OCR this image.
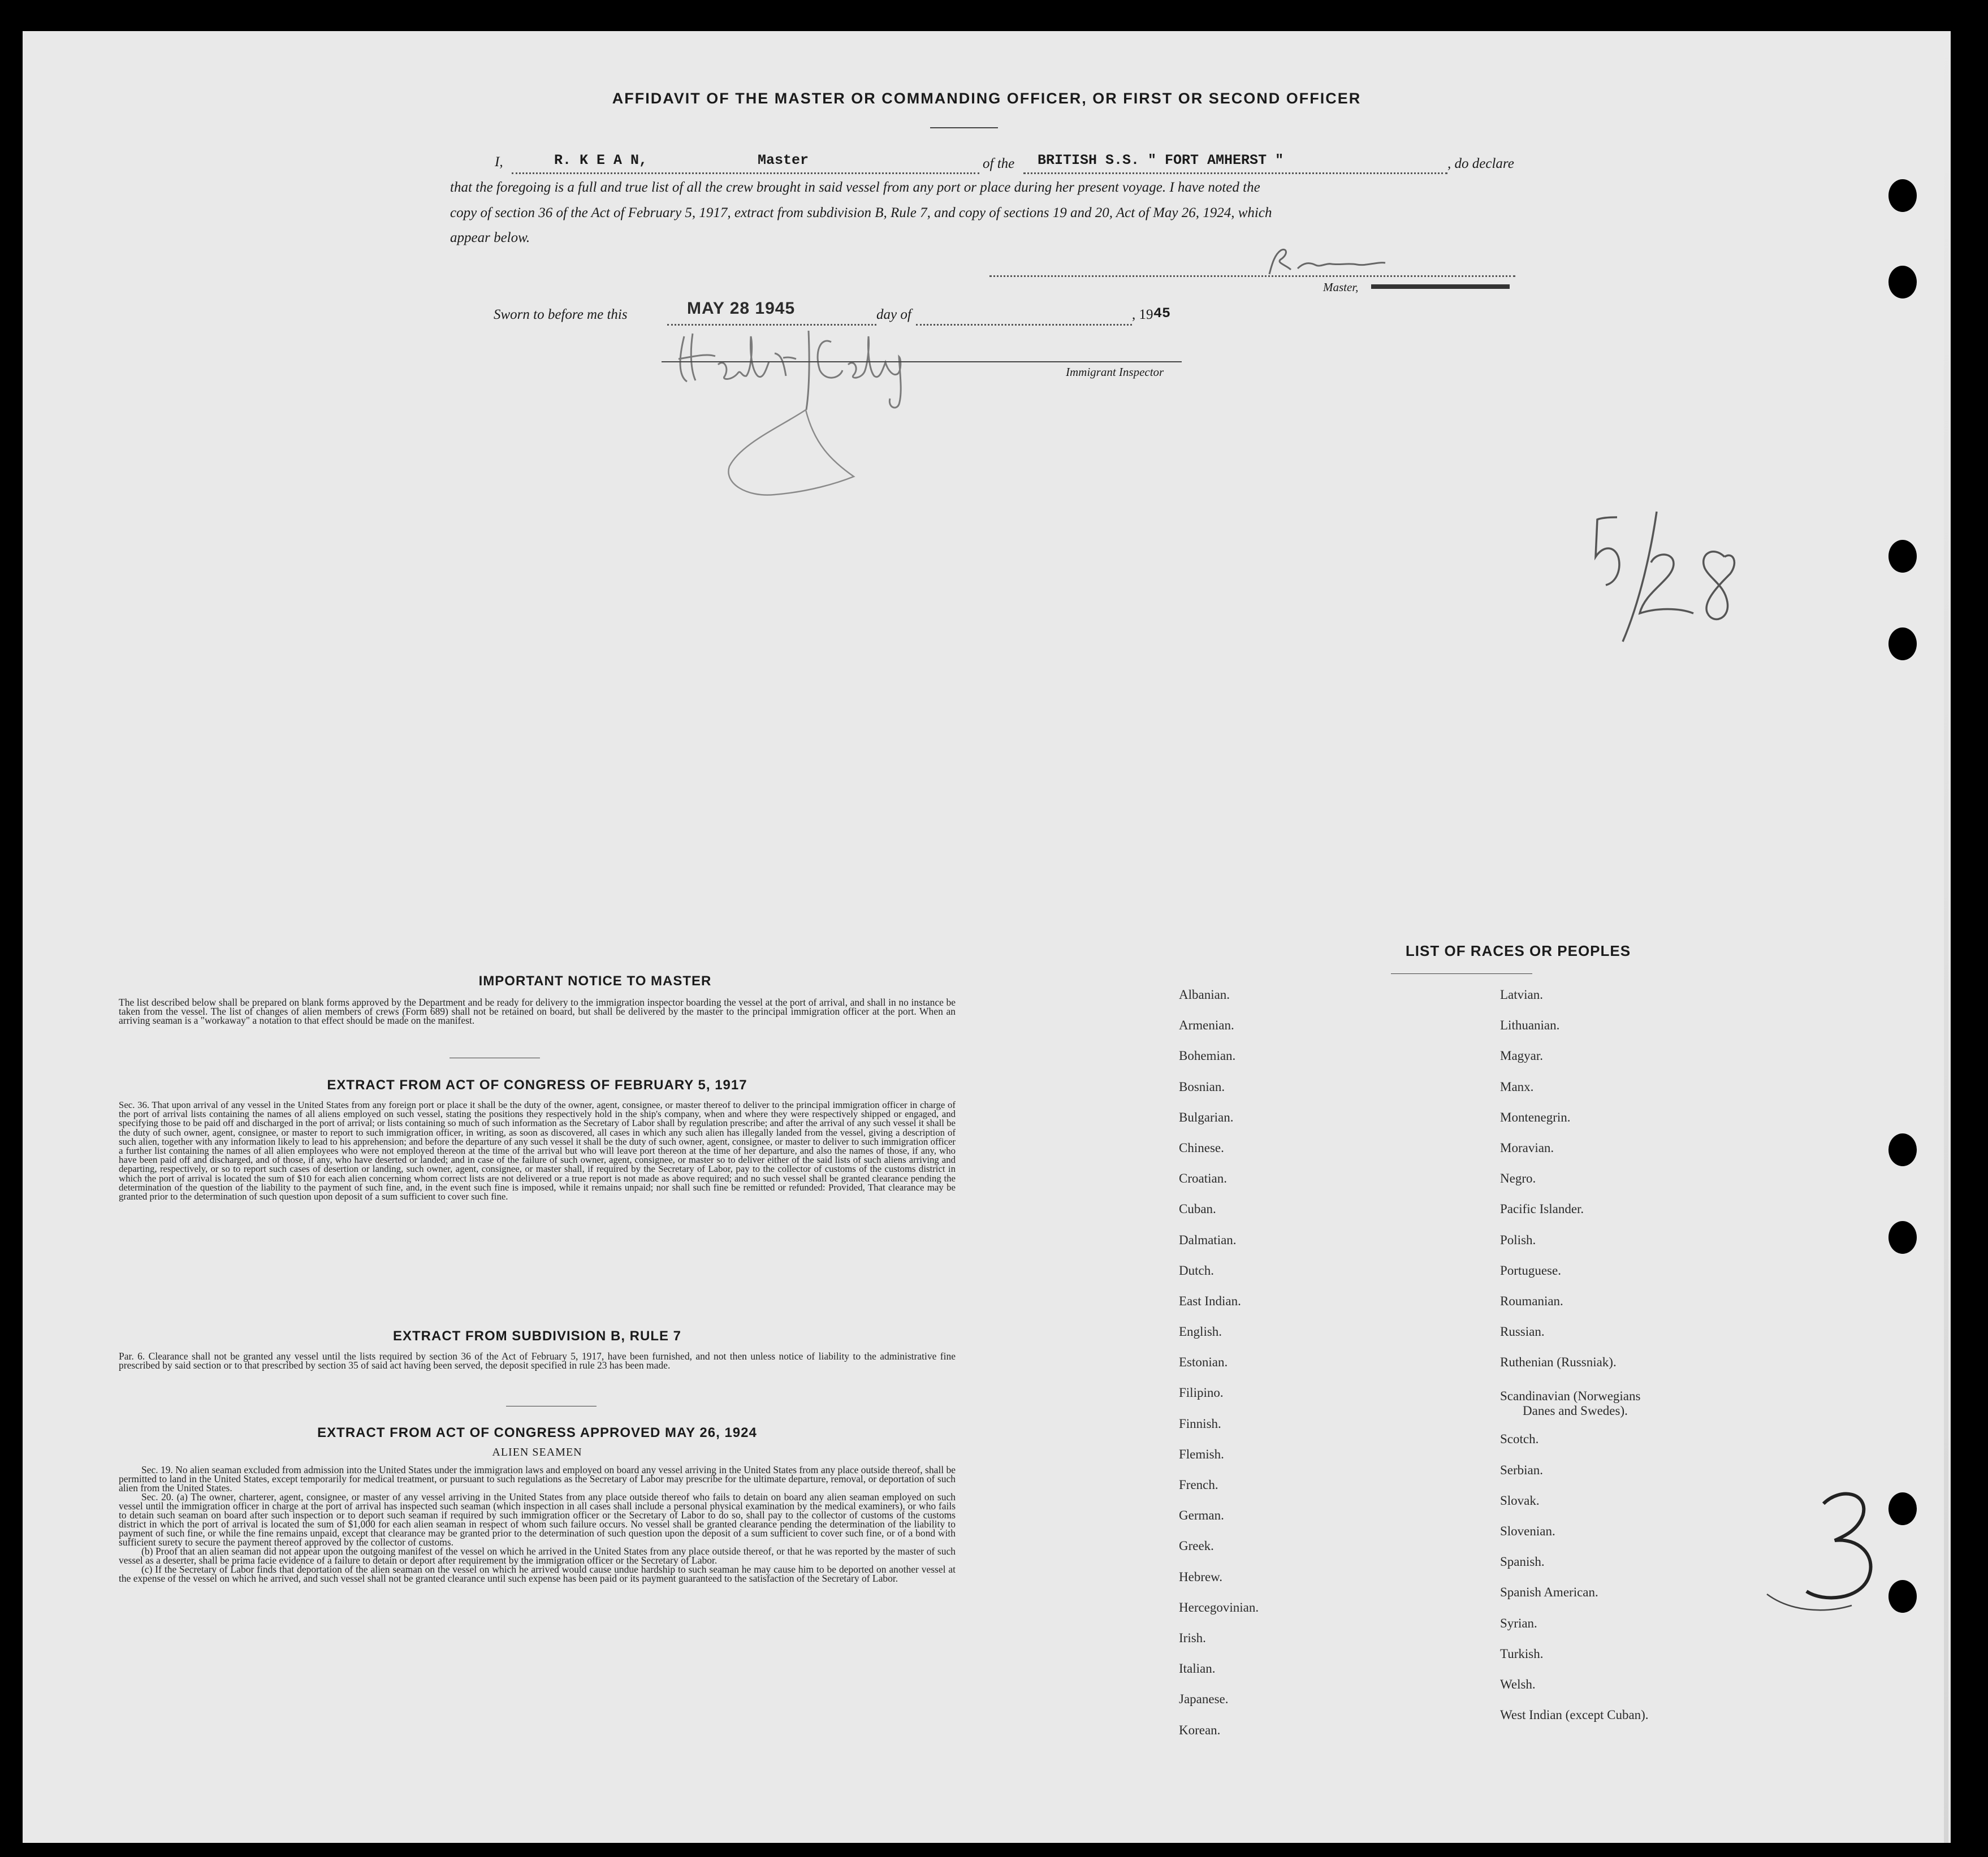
AFFIDAVIT OF THE MASTER OR COMMANDING OFFICER, OR FIRST OR SECOND OFFICER
I,	R. K E A N,	Master	of the BRITISH S.S. " FORT AMHERST "	, do declare
that the foregoing is a full and true list of all the crew brought in said vessel from any port or place during her present voyage. I have noted the
copy of section 36 of the Act of February 5, 1917, extract from subdivision B, Rule 7, and copy of sections 19 and 20, Act of May 26, 1924, which
appear below.
Master,
Sworn to before me this	MAY 28 1945	day of	, 19 45
Immigrant Inspector
IMPORTANT NOTICE TO MASTER
The list described below shall be prepared on blank forms approved by the Department and be ready for delivery to the immigration inspector boarding the vessel at the port of arrival, and shall in no instance be taken from the vessel. The list of changes of alien members of crews (Form 689) shall not be retained on board, but shall be delivered by the master to the principal immigration officer at the port. When an arriving seaman is a "workaway" a notation to that effect should be made on the manifest.
EXTRACT FROM ACT OF CONGRESS OF FEBRUARY 5, 1917
Sec. 36. That upon arrival of any vessel in the United States from any foreign port or place it shall be the duty of the owner, agent, consignee, or master thereof to deliver to the principal immigration officer in charge of the port of arrival lists containing the names of all aliens employed on such vessel, stating the positions they respectively hold in the ship's company, when and where they were respectively shipped or engaged, and specifying those to be paid off and discharged in the port of arrival; or lists containing so much of such information as the Secretary of Labor shall by regulation prescribe; and after the arrival of any such vessel it shall be the duty of such owner, agent, consignee, or master to report to such immigration officer, in writing, as soon as discovered, all cases in which any such alien has illegally landed from the vessel, giving a description of such alien, together with any information likely to lead to his apprehension; and before the departure of any such vessel it shall be the duty of such owner, agent, consignee, or master to deliver to such immigration officer a further list containing the names of all alien employees who were not employed thereon at the time of the arrival but who will leave port thereon at the time of her departure, and also the names of those, if any, who have been paid off and discharged, and of those, if any, who have deserted or landed; and in case of the failure of such owner, agent, consignee, or master so to deliver either of the said lists of such aliens arriving and departing, respectively, or so to report such cases of desertion or landing, such owner, agent, consignee, or master shall, if required by the Secretary of Labor, pay to the collector of customs of the customs district in which the port of arrival is located the sum of $10 for each alien concerning whom correct lists are not delivered or a true report is not made as above required; and no such vessel shall be granted clearance pending the determination of the question of the liability to the payment of such fine, and, in the event such fine is imposed, while it remains unpaid; nor shall such fine be remitted or refunded: Provided, That clearance may be granted prior to the determination of such question upon deposit of a sum sufficient to cover such fine.
EXTRACT FROM SUBDIVISION B, RULE 7
Par. 6. Clearance shall not be granted any vessel until the lists required by section 36 of the Act of February 5, 1917, have been furnished, and not then unless notice of liability to the administrative fine prescribed by said section or to that prescribed by section 35 of said act having been served, the deposit specified in rule 23 has been made.
EXTRACT FROM ACT OF CONGRESS APPROVED MAY 26, 1924
ALIEN SEAMEN
Sec. 19. No alien seaman excluded from admission into the United States under the immigration laws and employed on board any vessel arriving in the United States from any place outside thereof, shall be permitted to land in the United States, except temporarily for medical treatment, or pursuant to such regulations as the Secretary of Labor may prescribe for the ultimate departure, removal, or deportation of such alien from the United States.
Sec. 20. (a) The owner, charterer, agent, consignee, or master of any vessel arriving in the United States from any place outside thereof who fails to detain on board any alien seaman employed on such vessel until the immigration officer in charge at the port of arrival has inspected such seaman (which inspection in all cases shall include a personal physical examination by the medical examiners), or who fails to detain such seaman on board after such inspection or to deport such seaman if required by such immigration officer or the Secretary of Labor to do so, shall pay to the collector of customs of the customs district in which the port of arrival is located the sum of $1,000 for each alien seaman in respect of whom such failure occurs. No vessel shall be granted clearance pending the determination of the liability to payment of such fine, or while the fine remains unpaid, except that clearance may be granted prior to the determination of such question upon the deposit of a sum sufficient to cover such fine, or of a bond with sufficient surety to secure the payment thereof approved by the collector of customs.
(b) Proof that an alien seaman did not appear upon the outgoing manifest of the vessel on which he arrived in the United States from any place outside thereof, or that he was reported by the master of such vessel as a deserter, shall be prima facie evidence of a failure to detain or deport after requirement by the immigration officer or the Secretary of Labor.
(c) If the Secretary of Labor finds that deportation of the alien seaman on the vessel on which he arrived would cause undue hardship to such seaman he may cause him to be deported on another vessel at the expense of the vessel on which he arrived, and such vessel shall not be granted clearance until such expense has been paid or its payment guaranteed to the satisfaction of the Secretary of Labor.
LIST OF RACES OR PEOPLES
Albanian.
Armenian.
Bohemian.
Bosnian.
Bulgarian.
Chinese.
Croatian.
Cuban.
Dalmatian.
Dutch.
East Indian.
English.
Estonian.
Filipino.
Finnish.
Flemish.
French.
German.
Greek.
Hebrew.
Hercegovinian.
Irish.
Italian.
Japanese.
Korean.
Latvian.
Lithuanian.
Magyar.
Manx.
Montenegrin.
Moravian.
Negro.
Pacific Islander.
Polish.
Portuguese.
Roumanian.
Russian.
Ruthenian (Russniak).
Scandinavian (Norwegians
Danes and Swedes).
Scotch.
Serbian.
Slovak.
Slovenian.
Spanish.
Spanish American.
Syrian.
Turkish.
Welsh.
West Indian (except Cuban).
